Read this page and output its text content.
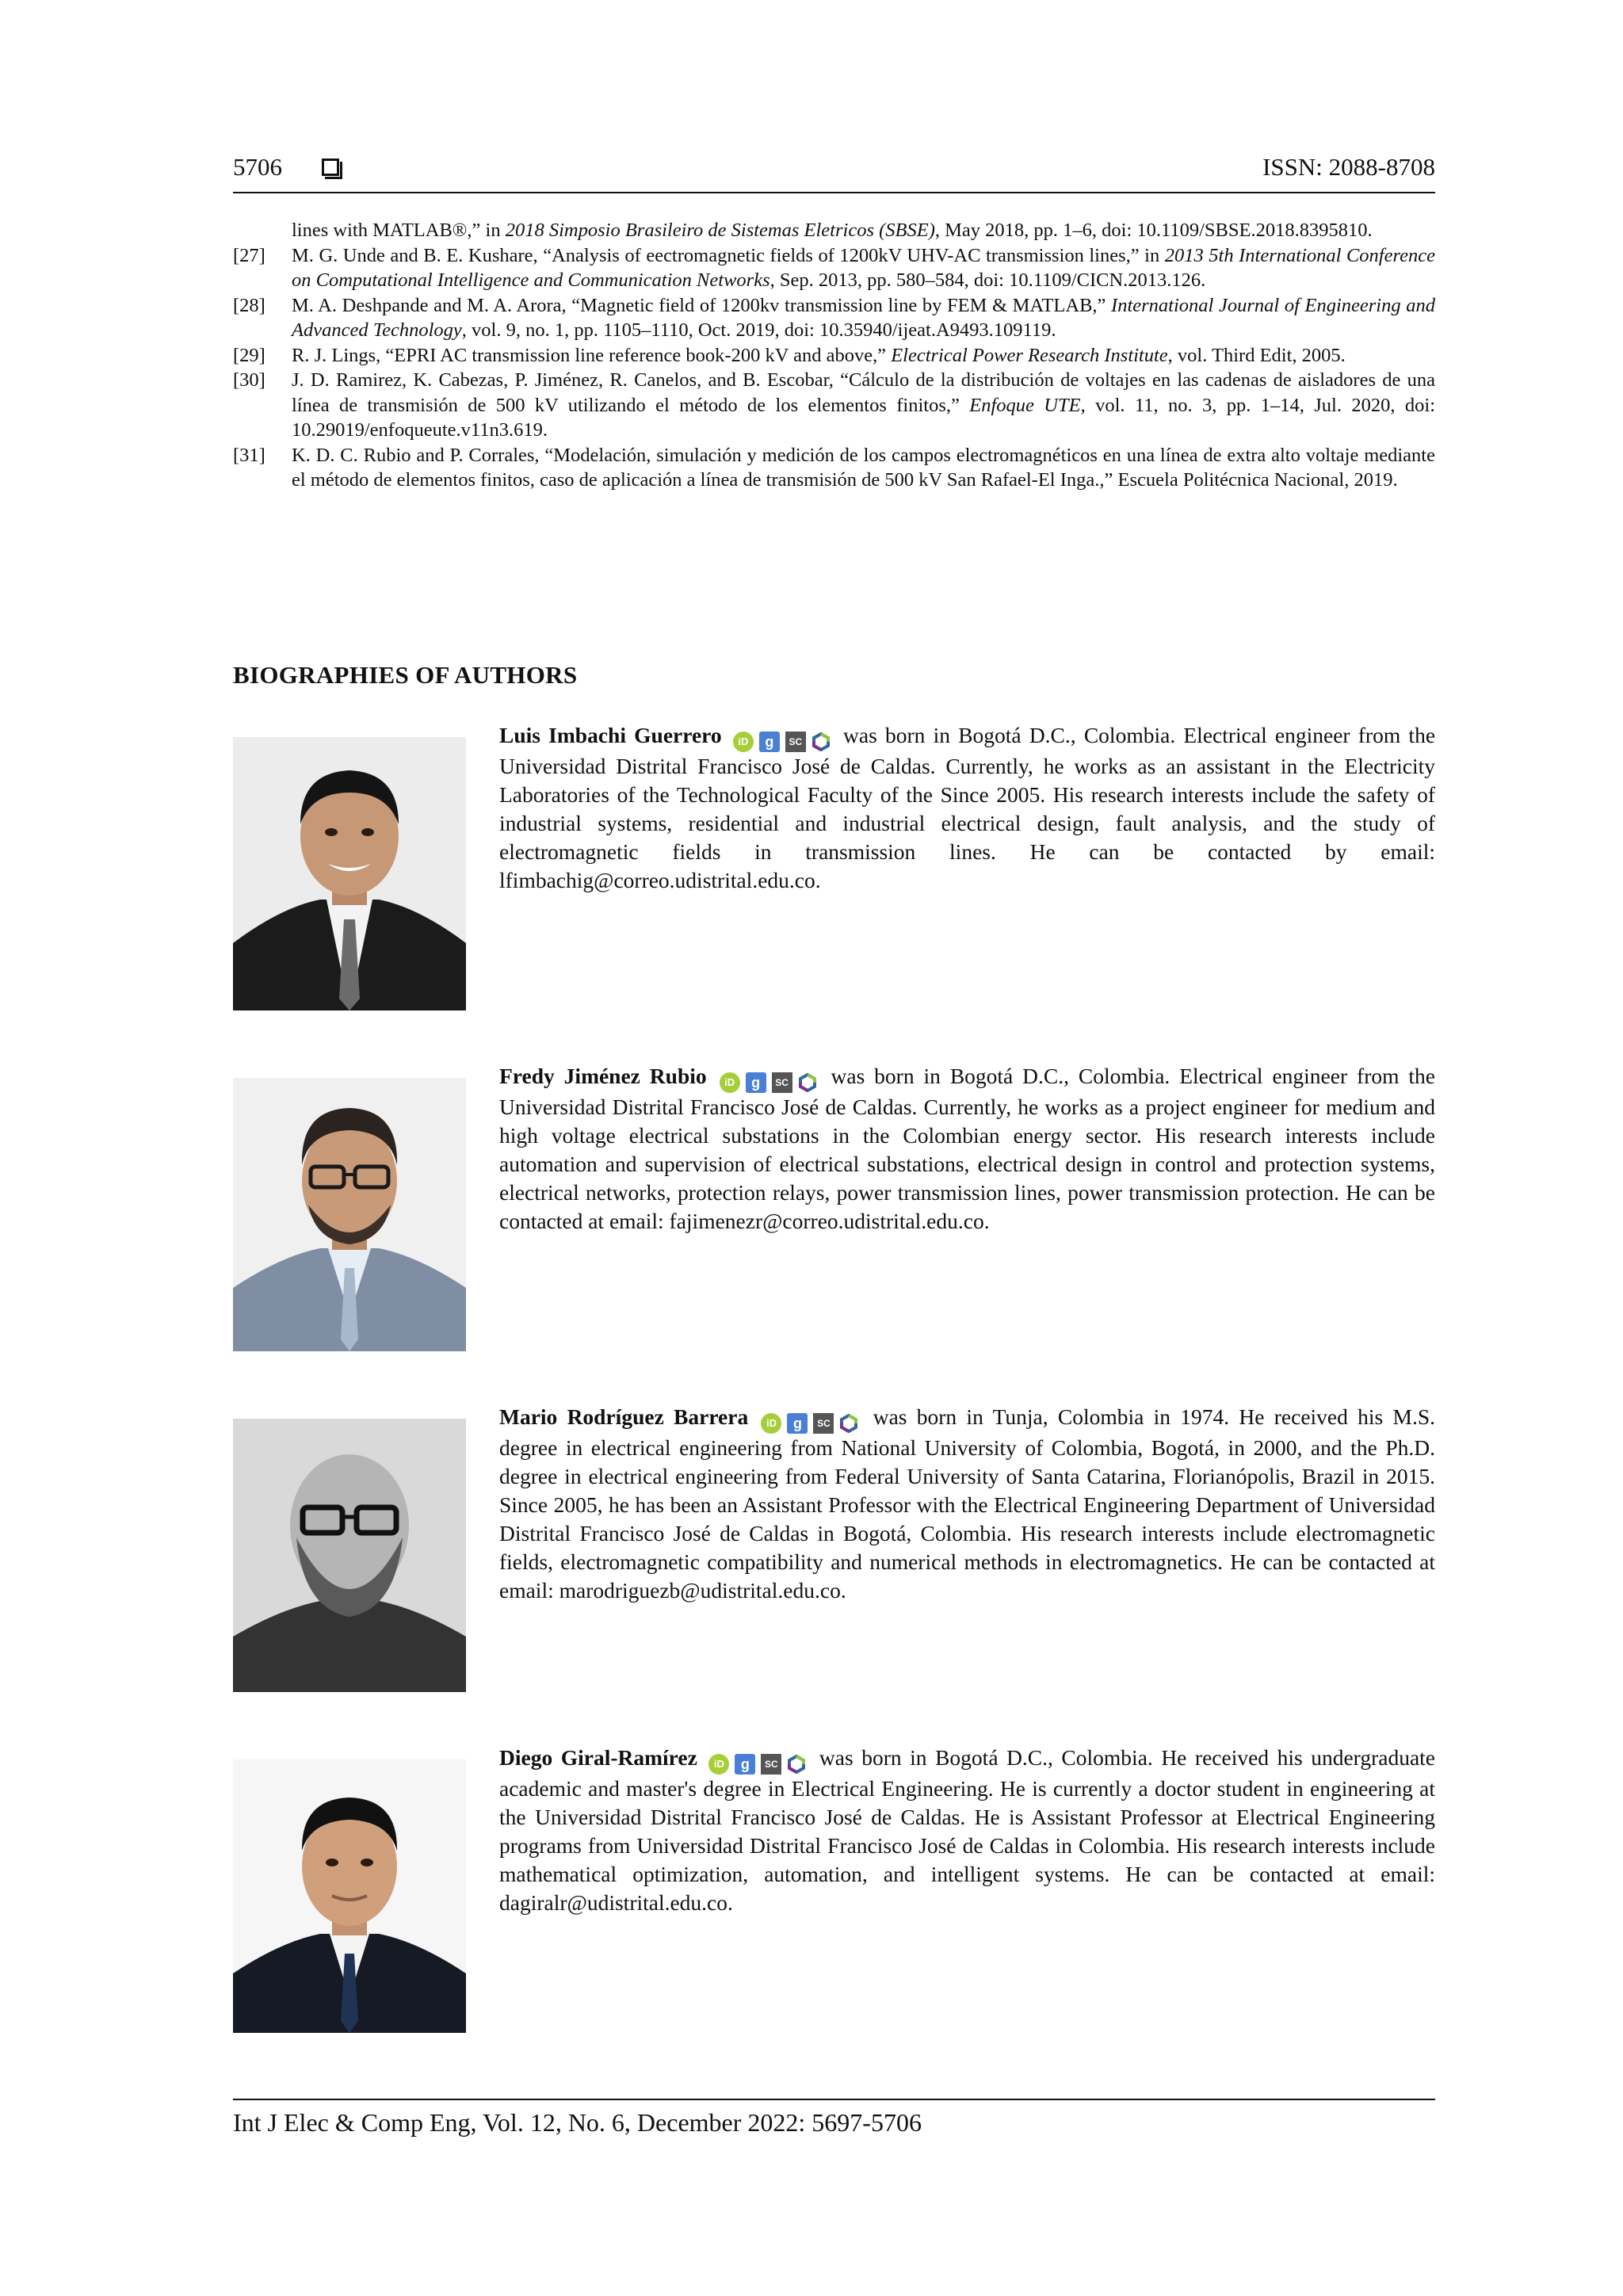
5706	ISSN: 2088-8708
lines with MATLAB®,” in 2018 Simposio Brasileiro de Sistemas Eletricos (SBSE), May 2018, pp. 1–6, doi: 10.1109/SBSE.2018.8395810.
[27]	M. G. Unde and B. E. Kushare, “Analysis of eectromagnetic fields of 1200kV UHV-AC transmission lines,” in 2013 5th International Conference on Computational Intelligence and Communication Networks, Sep. 2013, pp. 580–584, doi: 10.1109/CICN.2013.126.
[28]	M. A. Deshpande and M. A. Arora, “Magnetic field of 1200kv transmission line by FEM & MATLAB,” International Journal of Engineering and Advanced Technology, vol. 9, no. 1, pp. 1105–1110, Oct. 2019, doi: 10.35940/ijeat.A9493.109119.
[29]	R. J. Lings, “EPRI AC transmission line reference book-200 kV and above,” Electrical Power Research Institute, vol. Third Edit, 2005.
[30]	J. D. Ramirez, K. Cabezas, P. Jiménez, R. Canelos, and B. Escobar, “Cálculo de la distribución de voltajes en las cadenas de aisladores de una línea de transmisión de 500 kV utilizando el método de los elementos finitos,” Enfoque UTE, vol. 11, no. 3, pp. 1–14, Jul. 2020, doi: 10.29019/enfoqueute.v11n3.619.
[31]	K. D. C. Rubio and P. Corrales, “Modelación, simulación y medición de los campos electromagnéticos en una línea de extra alto voltaje mediante el método de elementos finitos, caso de aplicación a línea de transmisión de 500 kV San Rafael-El Inga.,” Escuela Politécnica Nacional, 2019.
BIOGRAPHIES OF AUTHORS
Luis Imbachi Guerrero	iD	g	SC was born in Bogotá D.C., Colombia. Electrical engineer from the Universidad Distrital Francisco José de Caldas. Currently, he works as an assistant in the Electricity Laboratories of the Technological Faculty of the Since 2005. His research interests include the safety of industrial systems, residential and industrial electrical design, fault analysis, and the study of electromagnetic fields in transmission lines. He can be contacted by email: lfimbachig@correo.udistrital.edu.co.
Fredy Jiménez Rubio	iD	g	SC was born in Bogotá D.C., Colombia. Electrical engineer from the Universidad Distrital Francisco José de Caldas. Currently, he works as a project engineer for medium and high voltage electrical substations in the Colombian energy sector. His research interests include automation and supervision of electrical substations, electrical design in control and protection systems, electrical networks, protection relays, power transmission lines, power transmission protection. He can be contacted at email: fajimenezr@correo.udistrital.edu.co.
Mario Rodríguez Barrera	iD	g	SC was born in Tunja, Colombia in 1974. He received his M.S. degree in electrical engineering from National University of Colombia, Bogotá, in 2000, and the Ph.D. degree in electrical engineering from Federal University of Santa Catarina, Florianópolis, Brazil in 2015. Since 2005, he has been an Assistant Professor with the Electrical Engineering Department of Universidad Distrital Francisco José de Caldas in Bogotá, Colombia. His research interests include electromagnetic fields, electromagnetic compatibility and numerical methods in electromagnetics. He can be contacted at email: marodriguezb@udistrital.edu.co.
Diego Giral-Ramírez	iD	g	SC was born in Bogotá D.C., Colombia. He received his undergraduate academic and master's degree in Electrical Engineering. He is currently a doctor student in engineering at the Universidad Distrital Francisco José de Caldas. He is Assistant Professor at Electrical Engineering programs from Universidad Distrital Francisco José de Caldas in Colombia. His research interests include mathematical optimization, automation, and intelligent systems. He can be contacted at email: dagiralr@udistrital.edu.co.
Int J Elec & Comp Eng, Vol. 12, No. 6, December 2022: 5697-5706
